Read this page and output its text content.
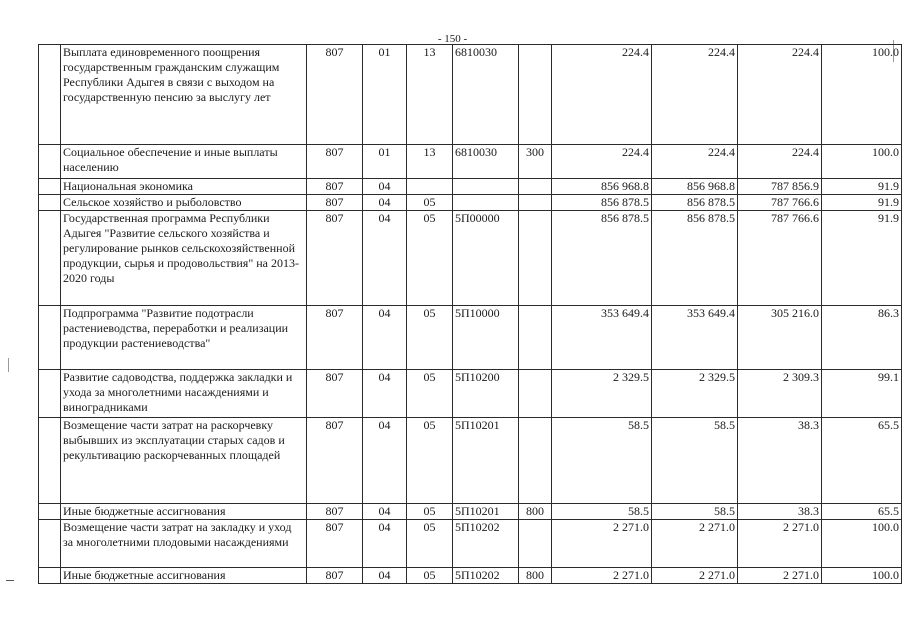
- 150 -
	Выплата единовременного поощрения государственным гражданским служащим Республики Адыгея в связи с выходом на государственную пенсию за выслугу лет	807	01	13	6810030		224.4	224.4	224.4	100.0
	Социальное обеспечение и иные выплаты населению	807	01	13	6810030	300	224.4	224.4	224.4	100.0
	Национальная экономика	807	04				856 968.8	856 968.8	787 856.9	91.9
	Сельское хозяйство и рыболовство	807	04	05			856 878.5	856 878.5	787 766.6	91.9
	Государственная программа Республики Адыгея "Развитие сельского хозяйства и регулирование рынков сельскохозяйственной продукции, сырья и продовольствия" на 2013-2020 годы	807	04	05	5П00000		856 878.5	856 878.5	787 766.6	91.9
	Подпрограмма "Развитие подотрасли растениеводства, переработки и реализации продукции растениеводства"	807	04	05	5П10000		353 649.4	353 649.4	305 216.0	86.3
	Развитие садоводства, поддержка закладки и ухода за многолетними насаждениями и виноградниками	807	04	05	5П10200		2 329.5	2 329.5	2 309.3	99.1
	Возмещение части затрат на раскорчевку выбывших из эксплуатации старых садов и рекультивацию раскорчеванных площадей	807	04	05	5П10201		58.5	58.5	38.3	65.5
	Иные бюджетные ассигнования	807	04	05	5П10201	800	58.5	58.5	38.3	65.5
	Возмещение части затрат на закладку и уход за многолетними плодовыми насаждениями	807	04	05	5П10202		2 271.0	2 271.0	2 271.0	100.0
	Иные бюджетные ассигнования	807	04	05	5П10202	800	2 271.0	2 271.0	2 271.0	100.0
